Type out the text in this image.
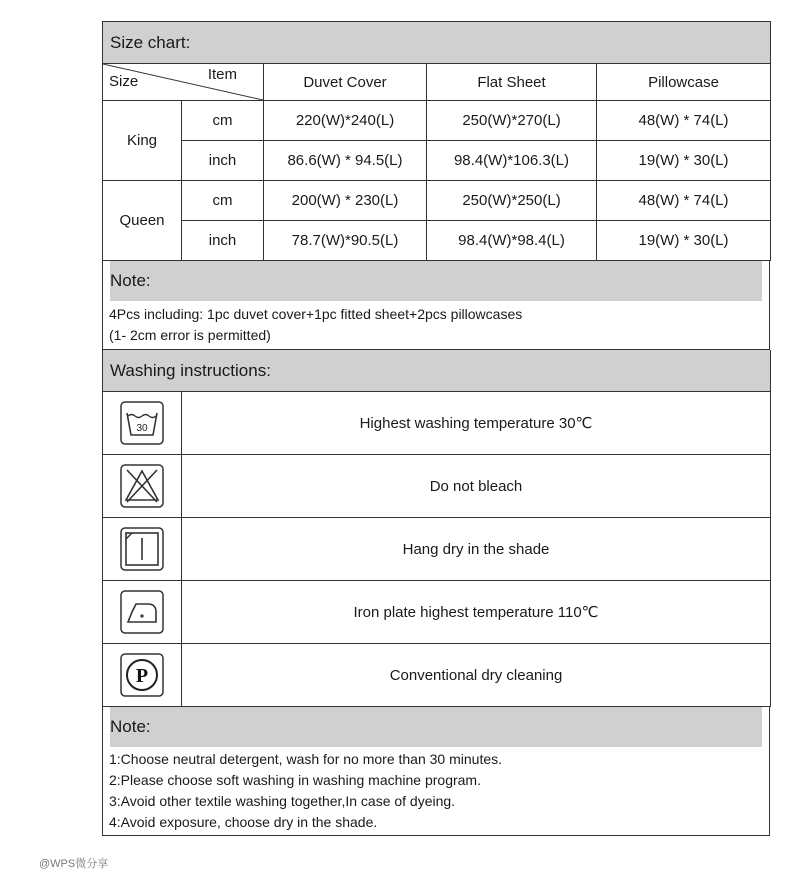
Size chart:				

Item
Size		Duvet Cover	Flat Sheet	Pillowcase
King	cm	220(W)*240(L)	250(W)*270(L)	48(W) * 74(L)
	inch	86.6(W) * 94.5(L)	98.4(W)*106.3(L)	19(W) * 30(L)
Queen	cm	200(W) * 230(L)	250(W)*250(L)	48(W) * 74(L)
	inch	78.7(W)*90.5(L)	98.4(W)*98.4(L)	19(W) * 30(L)
Note:
4Pcs including: 1pc duvet cover+1pc fitted sheet+2pcs pillowcases
(1- 2cm error is permitted)
Washing instructions:	

30	Highest washing temperature 30℃
	Do not bleach
	Hang dry in the shade
	Iron plate highest temperature 110℃

P	Conventional dry cleaning
Note:
1:Choose neutral detergent, wash for no more than 30 minutes.
2:Please choose soft washing in washing machine program.
3:Avoid other textile washing together,In case of dyeing.
4:Avoid exposure, choose dry in the shade.
@WPS微分享
